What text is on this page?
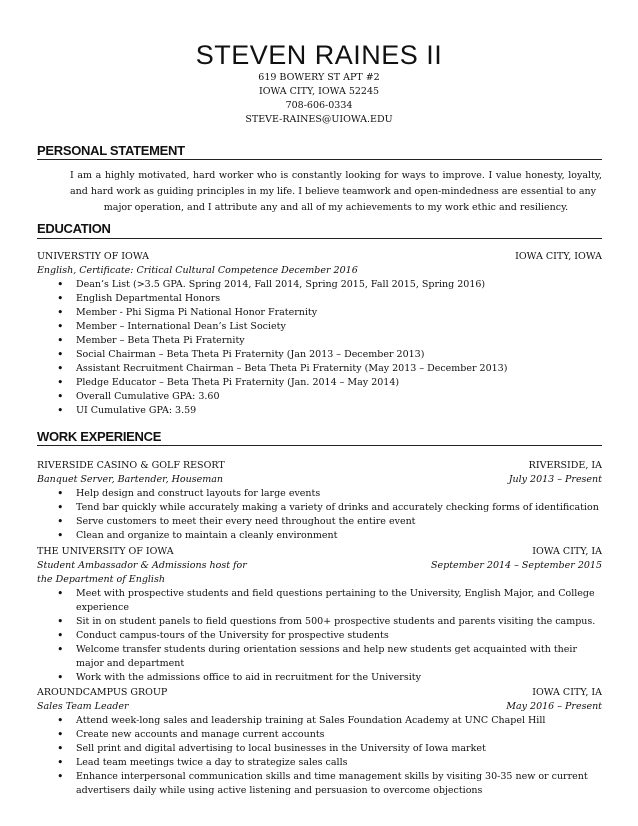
STEVEN RAINES II
619 BOWERY ST APT #2
IOWA CITY, IOWA 52245
708-606-0334
STEVE-RAINES@UIOWA.EDU
PERSONAL STATEMENT
I am a highly motivated, hard worker who is constantly looking for ways to improve. I value honesty, loyalty, and hard work as guiding principles in my life. I believe teamwork and open-mindedness are essential to any
major operation, and I attribute any and all of my achievements to my work ethic and resiliency.
EDUCATION
UNIVERSTIY OF IOWA	IOWA CITY, IOWA
English, Certificate: Critical Cultural Competence December 2016
• Dean’s List (>3.5 GPA. Spring 2014, Fall 2014, Spring 2015, Fall 2015, Spring 2016)
• English Departmental Honors
• Member - Phi Sigma Pi National Honor Fraternity
• Member – International Dean’s List Society
• Member – Beta Theta Pi Fraternity
• Social Chairman – Beta Theta Pi Fraternity (Jan 2013 – December 2013)
• Assistant Recruitment Chairman – Beta Theta Pi Fraternity (May 2013 – December 2013)
• Pledge Educator – Beta Theta Pi Fraternity (Jan. 2014 – May 2014)
• Overall Cumulative GPA: 3.60
• UI Cumulative GPA: 3.59
WORK EXPERIENCE
RIVERSIDE CASINO & GOLF RESORT	RIVERSIDE, IA
Banquet Server, Bartender, Houseman	July 2013 – Present
• Help design and construct layouts for large events
• Tend bar quickly while accurately making a variety of drinks and accurately checking forms of identification
• Serve customers to meet their every need throughout the entire event
• Clean and organize to maintain a cleanly environment
THE UNIVERSITY OF IOWA	IOWA CITY, IA
Student Ambassador & Admissions host for	September 2014 – September 2015
the Department of English
• Meet with prospective students and field questions pertaining to the University, English Major, and College experience
• Sit in on student panels to field questions from 500+ prospective students and parents visiting the campus.
• Conduct campus-tours of the University for prospective students
• Welcome transfer students during orientation sessions and help new students get acquainted with their major and department
• Work with the admissions office to aid in recruitment for the University
AROUNDCAMPUS GROUP	IOWA CITY, IA
Sales Team Leader	May 2016 – Present
• Attend week-long sales and leadership training at Sales Foundation Academy at UNC Chapel Hill
• Create new accounts and manage current accounts
• Sell print and digital advertising to local businesses in the University of Iowa market
• Lead team meetings twice a day to strategize sales calls
• Enhance interpersonal communication skills and time management skills by visiting 30-35 new or current advertisers daily while using active listening and persuasion to overcome objections
